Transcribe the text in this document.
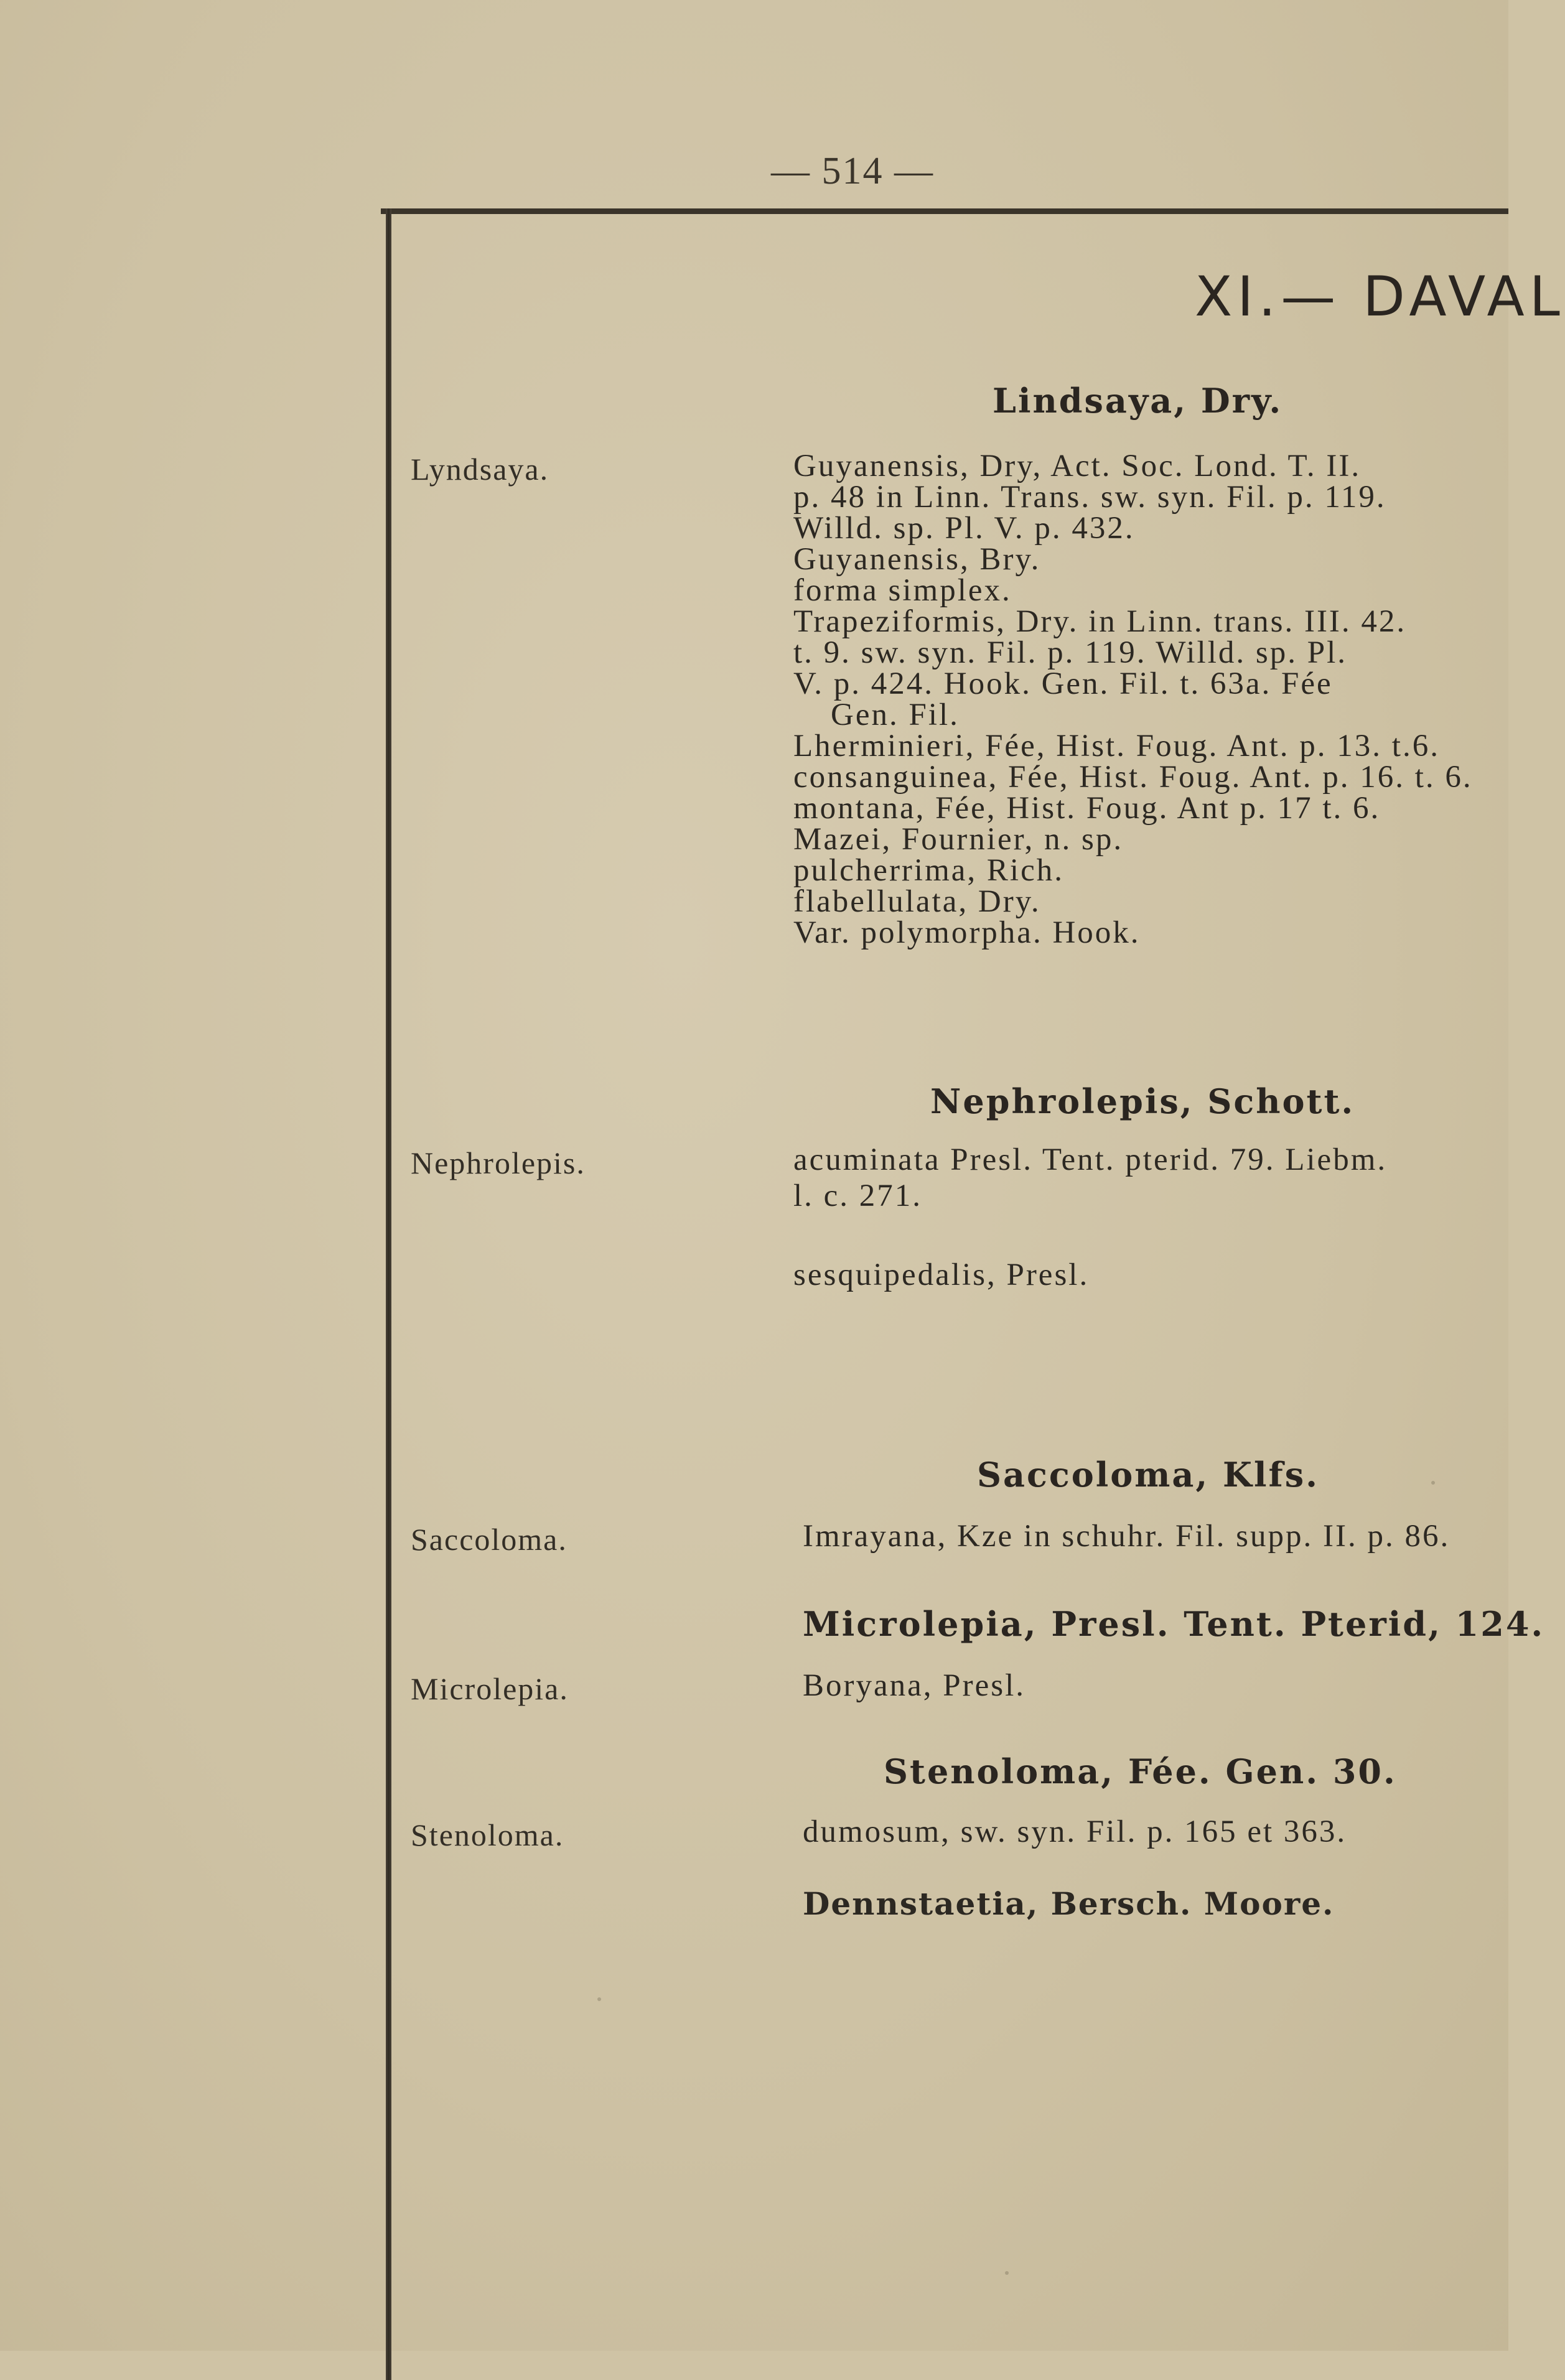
— 514 —
XI.— DAVAL
Lindsaya, Dry.
Lyndsaya.	Guyanensis, Dry, Act. Soc. Lond. T. II.
p. 48 in Linn. Trans. sw. syn. Fil. p. 119.
Willd. sp. Pl. V. p. 432.
Guyanensis, Bry.
forma simplex.
Trapeziformis, Dry. in Linn. trans. III. 42.
t. 9. sw. syn. Fil. p. 119. Willd. sp. Pl.
V. p. 424. Hook. Gen. Fil. t. 63a. Fée
Gen. Fil.
Lherminieri, Fée, Hist. Foug. Ant. p. 13. t.6.
consanguinea, Fée, Hist. Foug. Ant. p. 16. t. 6.
montana, Fée, Hist. Foug. Ant p. 17 t. 6.
Mazei, Fournier, n. sp.
pulcherrima, Rich.
flabellulata, Dry.
Var. polymorpha. Hook.
Nephrolepis, Schott.
Nephrolepis.	acuminata Presl. Tent. pterid. 79. Liebm.
l. c. 271.
sesquipedalis, Presl.
Saccoloma, Klfs.
Saccoloma.	Imrayana, Kze in schuhr. Fil. supp. II. p. 86.
Microlepia, Presl. Tent. Pterid, 124.
Microlepia.	Boryana, Presl.
Stenoloma, Fée. Gen. 30.
Stenoloma.	dumosum, sw. syn. Fil. p. 165 et 363.
Dennstaetia, Bersch. Moore.
